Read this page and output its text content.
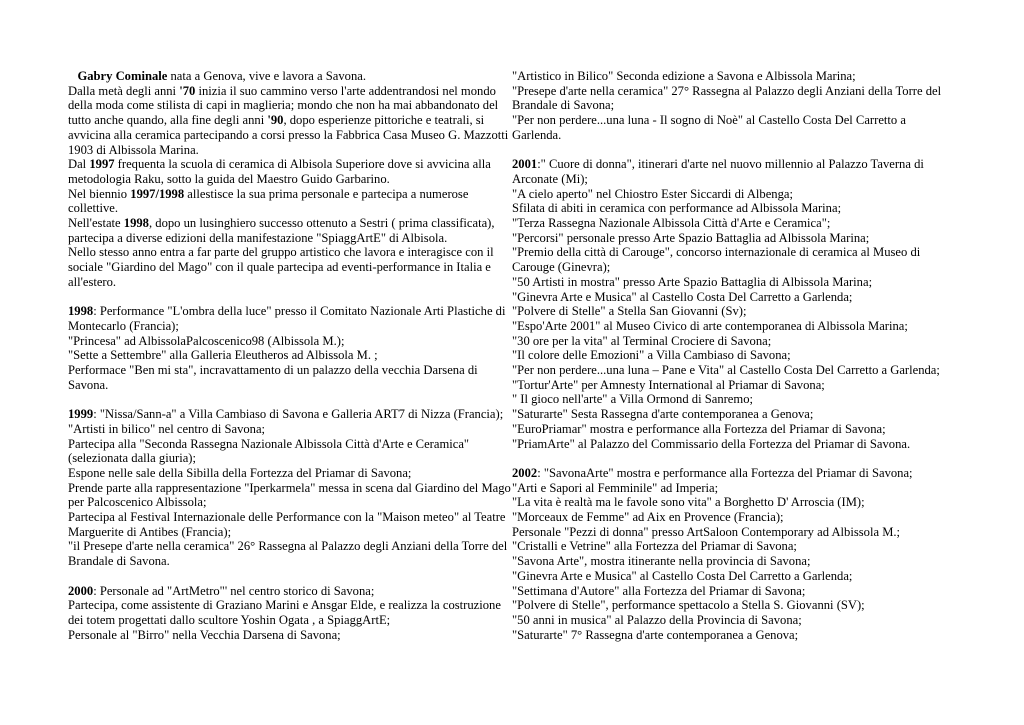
Gabry Cominale nata a Genova, vive e lavora a Savona.

Dalla metà degli anni '70 inizia il suo cammino verso l'arte addentrandosi nel mondo della moda come stilista di capi in maglieria; mondo che non ha mai abbandonato del tutto anche quando, alla fine degli anni '90, dopo esperienze pittoriche e teatrali, si avvicina alla ceramica partecipando a corsi presso la Fabbrica Casa Museo G. Mazzotti 1903 di Albissola Marina.

Dal 1997 frequenta la scuola di ceramica di Albisola Superiore dove si avvicina alla metodologia Raku, sotto la guida del Maestro Guido Garbarino.

Nel biennio 1997/1998 allestisce la sua prima personale e partecipa a numerose collettive.

Nell'estate 1998, dopo un lusinghiero successo ottenuto a Sestri ( prima classificata), partecipa a diverse edizioni della manifestazione "SpiaggArtE" di Albisola.

Nello stesso anno entra a far parte del gruppo artistico che lavora e interagisce con il sociale "Giardino del Mago" con il quale partecipa ad eventi-performance in Italia e all'estero.

1998: Performance "L'ombra della luce" presso il Comitato Nazionale Arti Plastiche di Montecarlo (Francia);

"Princesa" ad AlbissolaPalcoscenico98 (Albissola M.);

"Sette a Settembre" alla Galleria Eleutheros ad Albissola M. ;

Performace "Ben mi sta", incravattamento di un palazzo della vecchia Darsena di Savona.

1999: "Nissa/Sann-a" a Villa Cambiaso di Savona e Galleria ART7 di Nizza (Francia);

"Artisti in bilico" nel centro di Savona;

Partecipa alla "Seconda Rassegna Nazionale Albissola Città d'Arte e Ceramica" (selezionata dalla giuria);

Espone nelle sale della Sibilla della Fortezza del Priamar di Savona;

Prende parte alla rappresentazione "Iperkarmela" messa in scena dal Giardino del Mago per Palcoscenico Albissola;

Partecipa al Festival Internazionale delle Performance con la "Maison meteo" al Teatre Marguerite di Antibes (Francia);

"il Presepe d'arte nella ceramica" 26° Rassegna al Palazzo degli Anziani della Torre del Brandale di Savona.

2000: Personale ad "ArtMetro"' nel centro storico di Savona;

Partecipa, come assistente di Graziano Marini e Ansgar Elde, e realizza la costruzione dei totem progettati dallo scultore Yoshin Ogata , a SpiaggArtE;

Personale al "Birro" nella Vecchia Darsena di Savona;

"Artistico in Bilico" Seconda edizione a Savona e Albissola Marina;

"Presepe d'arte nella ceramica" 27° Rassegna al Palazzo degli Anziani della Torre del Brandale di Savona;

"Per non perdere...una luna - Il sogno di Noè" al Castello Costa Del Carretto a Garlenda.

2001:" Cuore di donna", itinerari d'arte nel nuovo millennio al Palazzo Taverna di Arconate (Mi);

"A cielo aperto" nel Chiostro Ester Siccardi di Albenga;

Sfilata di abiti in ceramica con performance ad Albissola Marina;

"Terza Rassegna Nazionale Albissola Città d'Arte e Ceramica";

"Percorsi" personale presso Arte Spazio Battaglia ad Albissola Marina;

"Premio della città di Carouge", concorso internazionale di ceramica al Museo di Carouge (Ginevra);

"50 Artisti in mostra" presso Arte Spazio Battaglia di Albissola Marina;

"Ginevra Arte e Musica" al Castello Costa Del Carretto a Garlenda;

"Polvere di Stelle" a Stella San Giovanni (Sv);

"Espo'Arte 2001" al Museo Civico di arte contemporanea di Albissola Marina;

"30 ore per la vita" al Terminal Crociere di Savona;

"Il colore delle Emozioni" a Villa Cambiaso di Savona;

"Per non perdere...una luna – Pane e Vita" al Castello Costa Del Carretto a Garlenda;

"Tortur'Arte" per Amnesty International al Priamar di Savona;

" Il gioco nell'arte" a Villa Ormond di Sanremo;

"Saturarte" Sesta Rassegna d'arte contemporanea a Genova;

"EuroPriamar" mostra e performance alla Fortezza del Priamar di Savona;

"PriamArte" al Palazzo del Commissario della Fortezza del Priamar di Savona.

2002: "SavonaArte" mostra e performance alla Fortezza del Priamar di Savona;

"Arti e Sapori al Femminile" ad Imperia;

"La vita è realtà ma le favole sono vita" a Borghetto D' Arroscia (IM);

"Morceaux de Femme" ad Aix en Provence (Francia);

Personale "Pezzi di donna" presso ArtSaloon Contemporary ad Albissola M.;

"Cristalli e Vetrine" alla Fortezza del Priamar di Savona;

"Savona Arte", mostra itinerante nella provincia di Savona;

"Ginevra Arte e Musica" al Castello Costa Del Carretto a Garlenda;

"Settimana d'Autore" alla Fortezza del Priamar di Savona;

"Polvere di Stelle", performance spettacolo a Stella S. Giovanni (SV);

"50 anni in musica" al Palazzo della Provincia di Savona;

"Saturarte" 7° Rassegna d'arte contemporanea a Genova;
